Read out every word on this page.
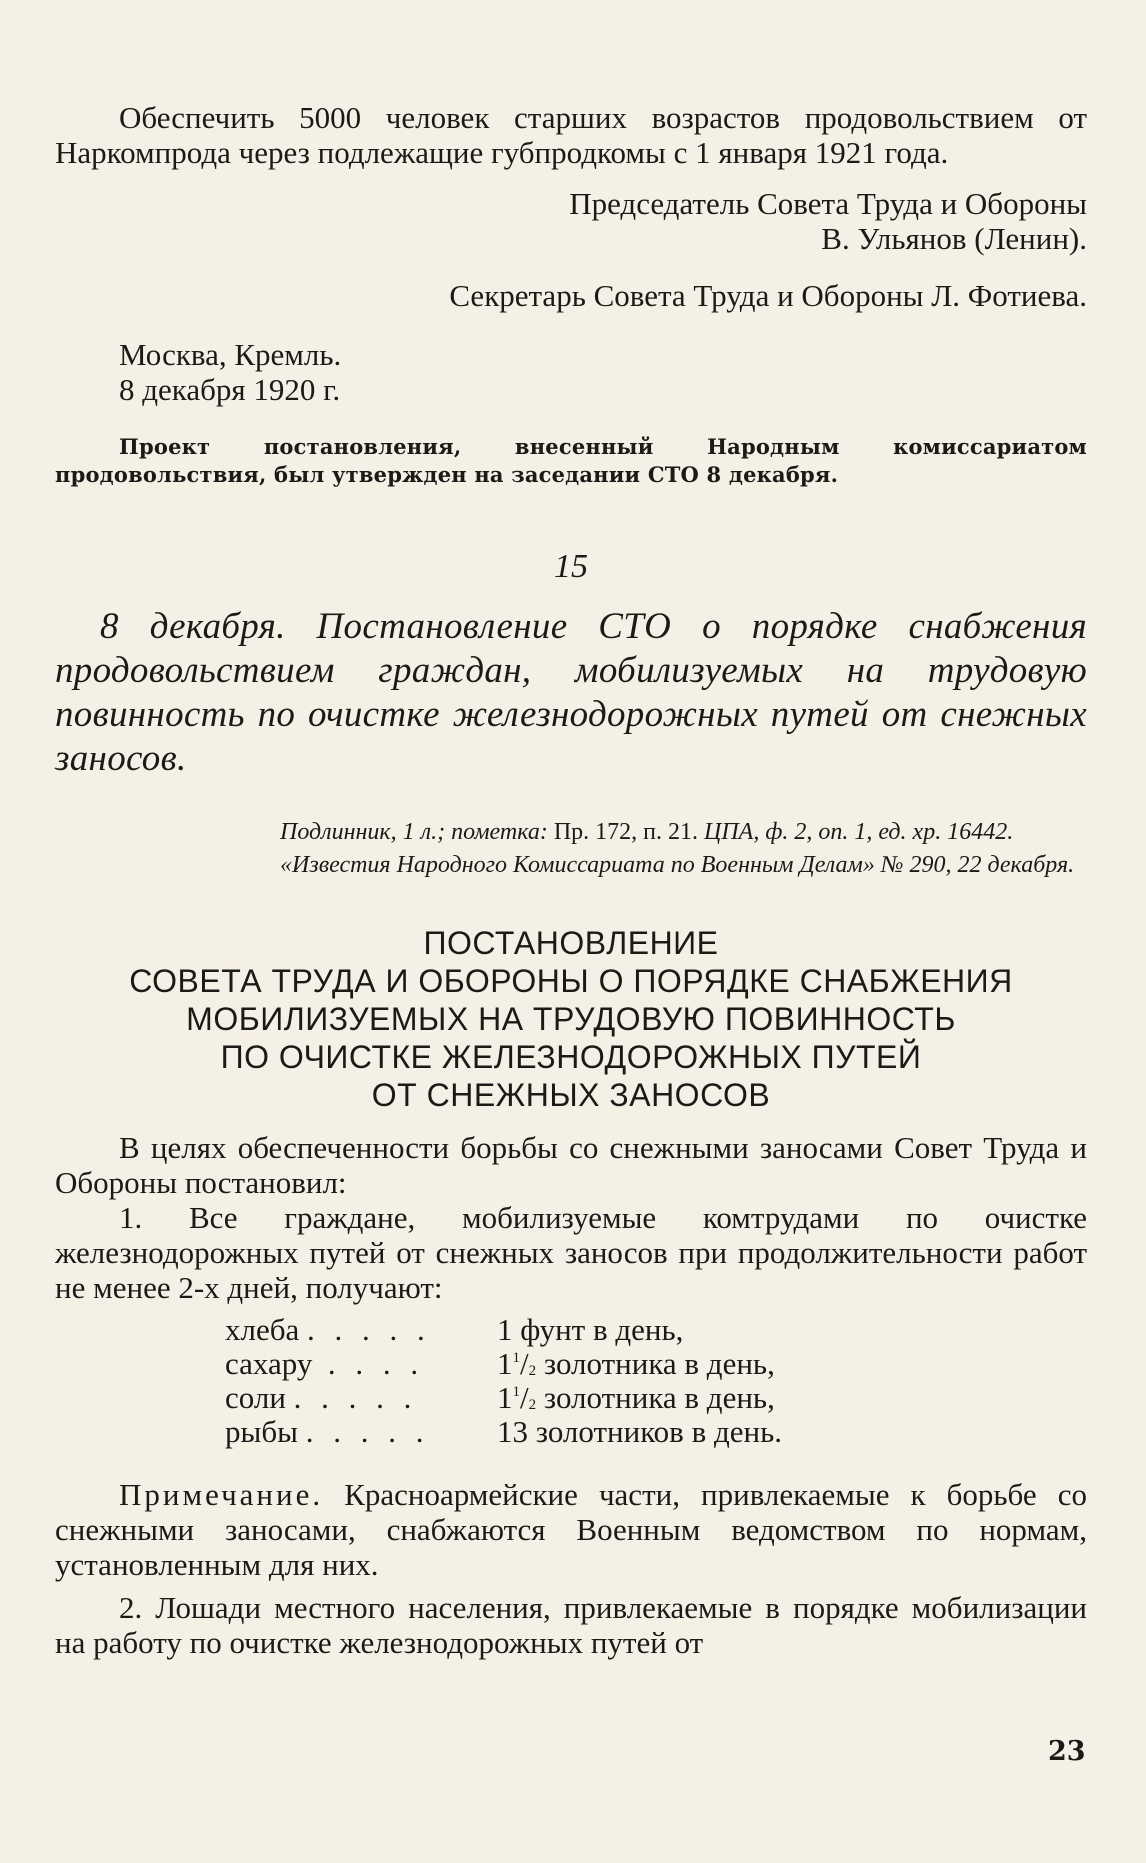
Обеспечить 5000 человек старших возрастов продовольствием от Наркомпрода через подлежащие губпродкомы с 1 января 1921 года.

Председатель Совета Труда и Обороны
В. Ульянов (Ленин).
Секретарь Совета Труда и Обороны Л. Фотиева.
Москва, Кремль.
8 декабря 1920 г.

Проект постановления, внесенный Народным комиссариатом продовольствия, был утвержден на заседании СТО 8 декабря.

15

8 декабря. Постановление СТО о порядке снабжения продовольствием граждан, мобилизуемых на трудовую повинность по очистке железнодорожных путей от снежных заносов.

Подлинник, 1 л.; пометка: Пр. 172, п. 21. ЦПА, ф. 2, оп. 1, ед. хр. 16442.
«Известия Народного Комиссариата по Военным Делам» № 290, 22 декабря.
ПОСТАНОВЛЕНИЕ
СОВЕТА ТРУДА И ОБОРОНЫ О ПОРЯДКЕ СНАБЖЕНИЯ
МОБИЛИЗУЕМЫХ НА ТРУДОВУЮ ПОВИННОСТЬ
ПО ОЧИСТКЕ ЖЕЛЕЗНОДОРОЖНЫХ ПУТЕЙ
ОТ СНЕЖНЫХ ЗАНОСОВ

В целях обеспеченности борьбы со снежными заносами Совет Труда и Обороны постановил:

1. Все граждане, мобилизуемые комтрудами по очистке железнодорожных путей от снежных заносов при продолжительности работ не менее 2-х дней, получают:

хлеба . . . . .	1 фунт в день,
сахару . . . .	$1^1/_2$ золотника в день,
соли . . . . .	$1^1/_2$ золотника в день,
рыбы . . . . .	13 золотников в день.

Примечание. Красноармейские части, привлекаемые к борьбе со снежными заносами, снабжаются Военным ведомством по нормам, установленным для них.

2. Лошади местного населения, привлекаемые в порядке мобилизации на работу по очистке железнодорожных путей от

23
